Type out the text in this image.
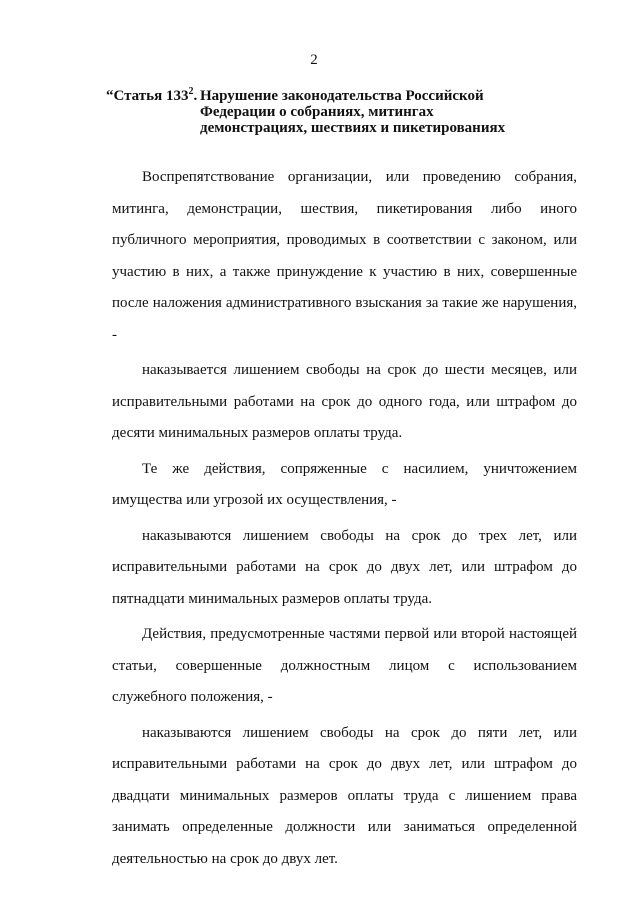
2
“Статья $133^2$. Нарушение законодательства Российской
Федерации о собраниях, митингах
демонстрациях, шествиях и пикетированиях

Воспрепятствование организации, или проведению собрания, митинга, демонстрации, шествия, пикетирования либо иного публичного мероприятия, проводимых в соответствии с законом, или участию в них, а также принуждение к участию в них, совершенные после наложения административного взыскания за такие же нарушения, -

наказывается лишением свободы на срок до шести месяцев, или исправительными работами на срок до одного года, или штрафом до десяти минимальных размеров оплаты труда.

Те же действия, сопряженные с насилием, уничтожением имущества или угрозой их осуществления, -

наказываются лишением свободы на срок до трех лет, или исправительными работами на срок до двух лет, или штрафом до пятнадцати минимальных размеров оплаты труда.

Действия, предусмотренные частями первой или второй настоящей статьи, совершенные должностным лицом с использованием служебного положения, -

наказываются лишением свободы на срок до пяти лет, или исправительными работами на срок до двух лет, или штрафом до двадцати минимальных размеров оплаты труда с лишением права занимать определенные должности или заниматься определенной деятельностью на срок до двух лет.
